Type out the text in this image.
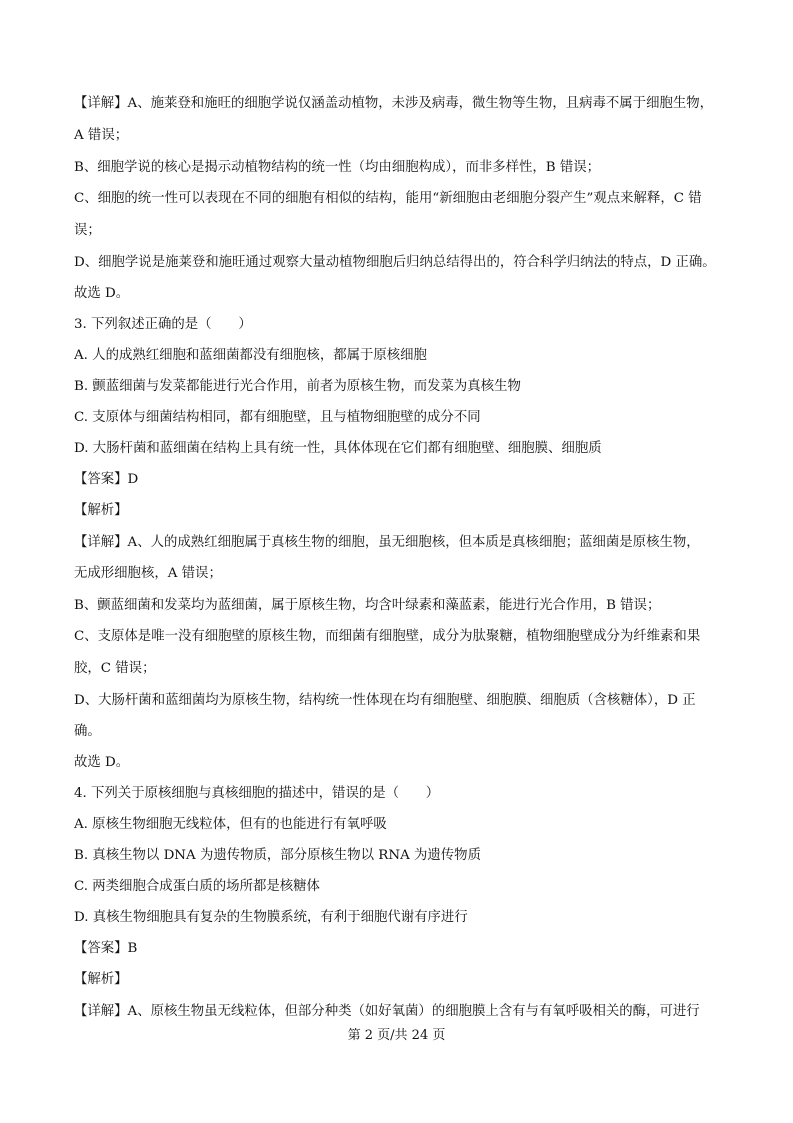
【详解】A、施莱登和施旺的细胞学说仅涵盖动植物，未涉及病毒，微生物等生物，且病毒不属于细胞生物，
A 错误；
B、细胞学说的核心是揭示动植物结构的统一性（均由细胞构成），而非多样性，B 错误；
C、细胞的统一性可以表现在不同的细胞有相似的结构，能用“新细胞由老细胞分裂产生”观点来解释，C 错
误；
D、细胞学说是施莱登和施旺通过观察大量动植物细胞后归纳总结得出的，符合科学归纳法的特点，D 正确。
故选 D。
3. 下列叙述正确的是（　　）
A. 人的成熟红细胞和蓝细菌都没有细胞核，都属于原核细胞
B. 颤蓝细菌与发菜都能进行光合作用，前者为原核生物，而发菜为真核生物
C. 支原体与细菌结构相同，都有细胞壁，且与植物细胞壁的成分不同
D. 大肠杆菌和蓝细菌在结构上具有统一性，具体体现在它们都有细胞壁、细胞膜、细胞质
【答案】D
【解析】
【详解】A、人的成熟红细胞属于真核生物的细胞，虽无细胞核，但本质是真核细胞；蓝细菌是原核生物，
无成形细胞核，A 错误；
B、颤蓝细菌和发菜均为蓝细菌，属于原核生物，均含叶绿素和藻蓝素，能进行光合作用，B 错误；
C、支原体是唯一没有细胞壁的原核生物，而细菌有细胞壁，成分为肽聚糖，植物细胞壁成分为纤维素和果
胶，C 错误；
D、大肠杆菌和蓝细菌均为原核生物，结构统一性体现在均有细胞壁、细胞膜、细胞质（含核糖体），D 正
确。
故选 D。
4. 下列关于原核细胞与真核细胞的描述中，错误的是（　　）
A. 原核生物细胞无线粒体，但有的也能进行有氧呼吸
B. 真核生物以 DNA 为遗传物质，部分原核生物以 RNA 为遗传物质
C. 两类细胞合成蛋白质的场所都是核糖体
D. 真核生物细胞具有复杂的生物膜系统，有利于细胞代谢有序进行
【答案】B
【解析】
【详解】A、原核生物虽无线粒体，但部分种类（如好氧菌）的细胞膜上含有与有氧呼吸相关的酶，可进行
第 2 页/共 24 页
